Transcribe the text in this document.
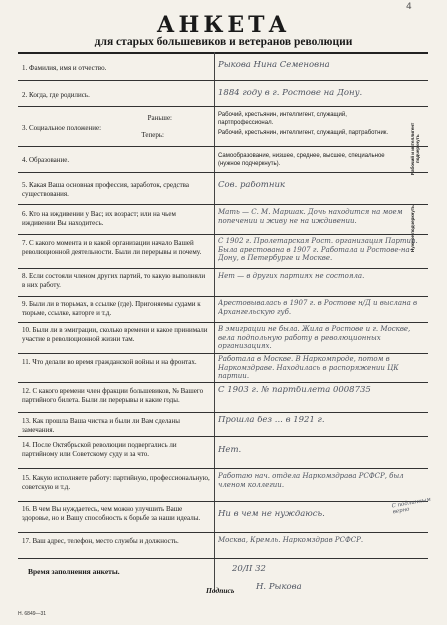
4
АНКЕТА
для старых большевиков и ветеранов революции
1. Фамилия, имя и отчество.	Рыкова Нина Семеновна
2. Когда, где родились.	1884 году в г. Ростове на Дону.
Раньше:
3. Социальное положение:
Теперь:
Рабочий, крестьянин, интеллигент, служащий, партпрофессионал.
Рабочий, крестьянин, интеллигент, служащий, партработник.	Рабочий и интеллигент подчеркнуть
4. Образование.	Самообразование, низшее, среднее, высшее, специальное (нужное подчеркнуть).
5. Какая Ваша основная профессия, заработок, средства существования.
Сов. работник
6. Кто на иждивении у Вас; их возраст; или на чьем иждивении Вы находитесь.
Мать — С. М. Маршак. Дочь находится на моем попечении и живу не на иждивении.	Нужное подчеркнуть
7. С какого момента и в какой организации начало Вашей революционной деятельности. Были ли перерывы и почему.
С 1902 г. Пролетарская Рост. организация Партии. Была арестована в 1907 г. Работала и Ростове-на-Дону, в Петербурге и Москве.
8. Если состояли членом других партий, то какую выполняли в них работу.
Нет — в других партиях не состояла.
9. Были ли в тюрьмах, в ссылке (где). Пригоняемы судами к тюрьме, ссылке, каторге и т.д.
Арестовывалась в 1907 г. в Ростове н/Д и выслана в Архангельскую губ.
10. Были ли в эмиграции, сколько времени и какое принимали участие в революционной жизни там.
В эмиграции не была. Жила в Ростове и г. Москве, вела подпольную работу в революционных организациях.
11. Что делали во время гражданской войны и на фронтах.	Работала в Москве. В Наркомпроде, потом в Наркомздраве. Находилась в распоряжении ЦК партии.
12. С какого времени член фракции большевиков, № Вашего партийного билета. Были ли перерывы и какие годы.
С 1903 г. № партбилета 0008735
13. Как прошла Ваша чистка и были ли Вам сделаны замечания.
Прошла без ... в 1921 г.
14. После Октябрьской революции подвергались ли партийному или Советскому суду и за что.	Нет.
15. Какую исполняете работу: партийную, профессиональную, советскую и т.д.
Работаю нач. отдела Наркомздрава РСФСР, был членом коллегии.
16. В чем Вы нуждаетесь, чем можно улучшить Ваше здоровье, но и Вашу способность к борьбе за наши идеалы.	Ни в чем не нуждаюсь.
С подлинным верно
17. Ваш адрес, телефон, место службы и должность.	Москва, Кремль. Наркомздрав РСФСР.
Время заполнения анкеты.	20/II 32
Подпись	Н. Рыкова
Н. 6849—31
